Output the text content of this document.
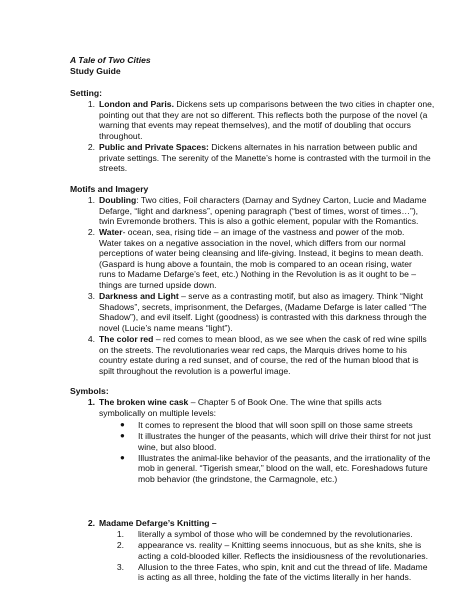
A Tale of Two Cities
Study Guide
Setting:
1. London and Paris. Dickens sets up comparisons between the two cities in chapter one,
pointing out that they are not so different. This reflects both the purpose of the novel (a
warning that events may repeat themselves), and the motif of doubling that occurs
throughout.
2. Public and Private Spaces: Dickens alternates in his narration between public and
private settings. The serenity of the Manette’s home is contrasted with the turmoil in the
streets.
Motifs and Imagery
1. Doubling: Two cities, Foil characters (Darnay and Sydney Carton, Lucie and Madame
Defarge, “light and darkness”, opening paragraph (“best of times, worst of times…”),
twin Evremonde brothers. This is also a gothic element, popular with the Romantics.
2. Water- ocean, sea, rising tide – an image of the vastness and power of the mob.
Water takes on a negative association in the novel, which differs from our normal
perceptions of water being cleansing and life-giving. Instead, it begins to mean death.
(Gaspard is hung above a fountain, the mob is compared to an ocean rising, water
runs to Madame Defarge’s feet, etc.) Nothing in the Revolution is as it ought to be –
things are turned upside down.
3. Darkness and Light – serve as a contrasting motif, but also as imagery. Think “Night
Shadows”, secrets, imprisonment, the Defarges, (Madame Defarge is later called “The
Shadow”), and evil itself. Light (goodness) is contrasted with this darkness through the
novel (Lucie’s name means “light”).
4. The color red – red comes to mean blood, as we see when the cask of red wine spills
on the streets. The revolutionaries wear red caps, the Marquis drives home to his
country estate during a red sunset, and of course, the red of the human blood that is
spilt throughout the revolution is a powerful image.
Symbols:
1. The broken wine cask – Chapter 5 of Book One. The wine that spills acts
symbolically on multiple levels:
● It comes to represent the blood that will soon spill on those same streets
● It illustrates the hunger of the peasants, which will drive their thirst for not just
wine, but also blood.
● Illustrates the animal-like behavior of the peasants, and the irrationality of the
mob in general. “Tigerish smear,” blood on the wall, etc. Foreshadows future
mob behavior (the grindstone, the Carmagnole, etc.)
2. Madame Defarge’s Knitting –
1. literally a symbol of those who will be condemned by the revolutionaries.
2. appearance vs. reality – Knitting seems innocuous, but as she knits, she is
acting a cold-blooded killer. Reflects the insidiousness of the revolutionaries.
3. Allusion to the three Fates, who spin, knit and cut the thread of life. Madame
is acting as all three, holding the fate of the victims literally in her hands.
